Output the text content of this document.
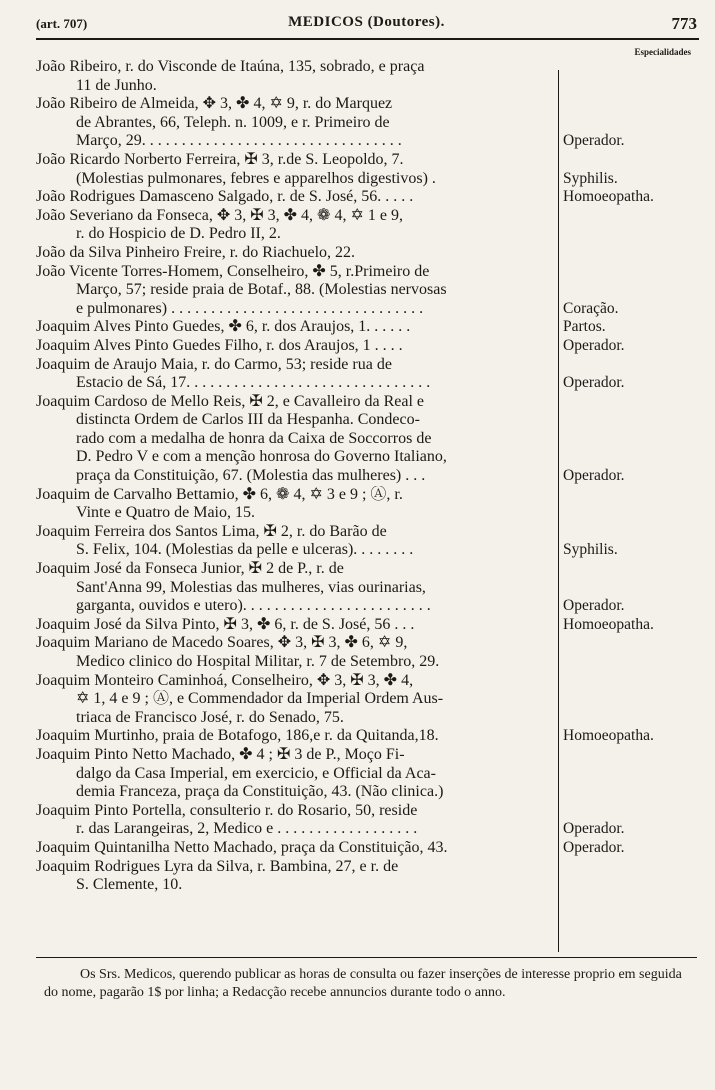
(art. 707)	MEDICOS (Doutores).	773
Especialidades
João Ribeiro, r. do Visconde de Itaúna, 135, sobrado, e praça
11 de Junho.
João Ribeiro de Almeida, ✥ 3, ✤ 4, ✡ 9, r. do Marquez
de Abrantes, 66, Teleph. n. 1009, e r. Primeiro de
Março, 29. . . . . . . . . . . . . . . . . . . . . . . . . . . . . . . . .	Operador.
João Ricardo Norberto Ferreira, ✠ 3, r.de S. Leopoldo, 7.
(Molestias pulmonares, febres e apparelhos digestivos) .	Syphilis.
João Rodrigues Damasceno Salgado, r. de S. José, 56. . . . .	Homoeopatha.
João Severiano da Fonseca, ✥ 3, ✠ 3, ✤ 4, ❁ 4, ✡ 1 e 9,
r. do Hospicio de D. Pedro II, 2.
João da Silva Pinheiro Freire, r. do Riachuelo, 22.
João Vicente Torres-Homem, Conselheiro, ✤ 5, r.Primeiro de
Março, 57; reside praia de Botaf., 88. (Molestias nervosas
e pulmonares) . . . . . . . . . . . . . . . . . . . . . . . . . . . . . . . .	Coração.
Joaquim Alves Pinto Guedes, ✤ 6, r. dos Araujos, 1. . . . . .	Partos.
Joaquim Alves Pinto Guedes Filho, r. dos Araujos, 1 . . . .	Operador.
Joaquim de Araujo Maia, r. do Carmo, 53; reside rua de
Estacio de Sá, 17. . . . . . . . . . . . . . . . . . . . . . . . . . . . . . .	Operador.
Joaquim Cardoso de Mello Reis, ✠ 2, e Cavalleiro da Real e
distincta Ordem de Carlos III da Hespanha. Condeco-
rado com a medalha de honra da Caixa de Soccorros de
D. Pedro V e com a menção honrosa do Governo Italiano,
praça da Constituição, 67. (Molestia das mulheres) . . .	Operador.
Joaquim de Carvalho Bettamio, ✤ 6, ❁ 4, ✡ 3 e 9 ; Ⓐ, r.
Vinte e Quatro de Maio, 15.
Joaquim Ferreira dos Santos Lima, ✠ 2, r. do Barão de
S. Felix, 104. (Molestias da pelle e ulceras). . . . . . . .	Syphilis.
Joaquim José da Fonseca Junior, ✠ 2 de P., r. de
Sant'Anna 99, Molestias das mulheres, vias ourinarias,
garganta, ouvidos e utero). . . . . . . . . . . . . . . . . . . . . . . .	Operador.
Joaquim José da Silva Pinto, ✠ 3, ✤ 6, r. de S. José, 56 . . .	Homoeopatha.
Joaquim Mariano de Macedo Soares, ✥ 3, ✠ 3, ✤ 6, ✡ 9,
Medico clinico do Hospital Militar, r. 7 de Setembro, 29.
Joaquim Monteiro Caminhoá, Conselheiro, ✥ 3, ✠ 3, ✤ 4,
✡ 1, 4 e 9 ; Ⓐ, e Commendador da Imperial Ordem Aus-
triaca de Francisco José, r. do Senado, 75.
Joaquim Murtinho, praia de Botafogo, 186,e r. da Quitanda,18.	Homoeopatha.
Joaquim Pinto Netto Machado, ✤ 4 ; ✠ 3 de P., Moço Fi-
dalgo da Casa Imperial, em exercicio, e Official da Aca-
demia Franceza, praça da Constituição, 43. (Não clinica.)
Joaquim Pinto Portella, consulterio r. do Rosario, 50, reside
r. das Larangeiras, 2, Medico e . . . . . . . . . . . . . . . . . .	Operador.
Joaquim Quintanilha Netto Machado, praça da Constituição, 43.	Operador.
Joaquim Rodrigues Lyra da Silva, r. Bambina, 27, e r. de
S. Clemente, 10.
Os Srs. Medicos, querendo publicar as horas de consulta ou fazer inserções de interesse proprio em seguida do nome, pagarão 1$ por linha; a Redacção recebe annuncios durante todo o anno.
